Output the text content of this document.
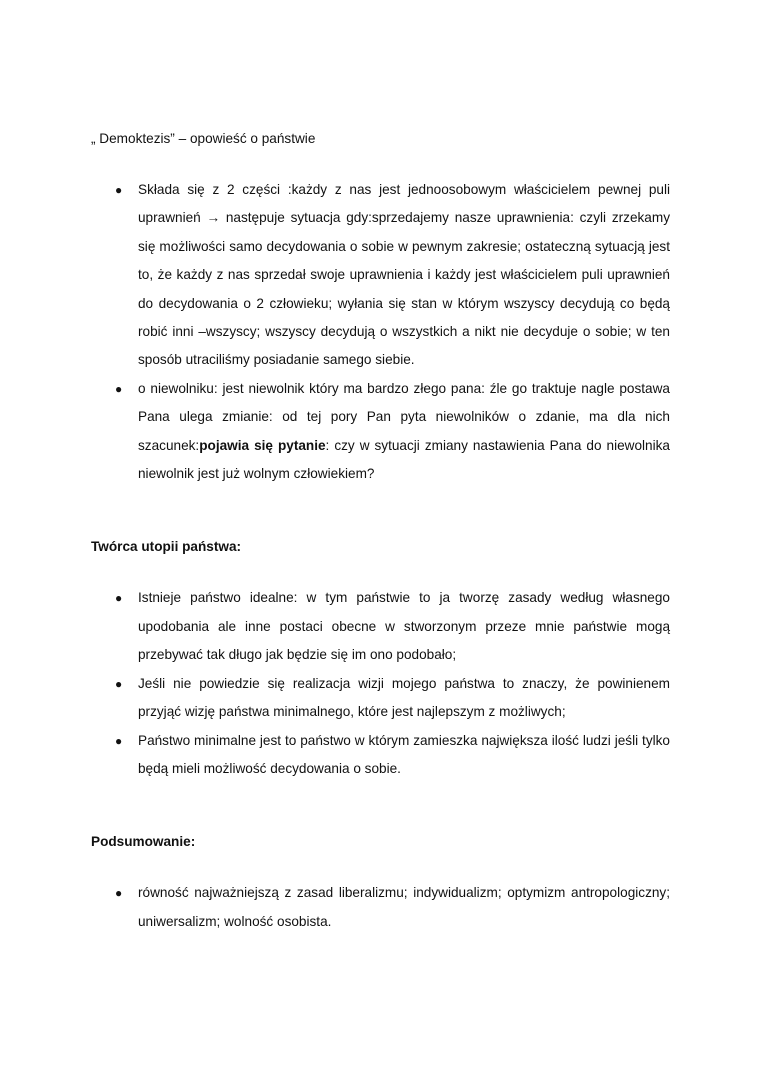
„ Demoktezis” – opowieść o państwie

● Składa się z 2 części :każdy z nas jest jednoosobowym właścicielem pewnej puli uprawnień → następuje sytuacja gdy:sprzedajemy nasze uprawnienia: czyli zrzekamy się możliwości samo decydowania o sobie w pewnym zakresie; ostateczną sytuacją jest to, że każdy z nas sprzedał swoje uprawnienia i każdy jest właścicielem puli uprawnień do decydowania o 2 człowieku; wyłania się stan w którym wszyscy decydują co będą robić inni –wszyscy; wszyscy decydują o wszystkich a nikt nie decyduje o sobie; w ten sposób utraciliśmy posiadanie samego siebie.
● o niewolniku: jest niewolnik który ma bardzo złego pana: źle go traktuje nagle postawa Pana ulega zmianie: od tej pory Pan pyta niewolników o zdanie, ma dla nich szacunek:pojawia się pytanie: czy w sytuacji zmiany nastawienia Pana do niewolnika niewolnik jest już wolnym człowiekiem?

Twórca utopii państwa:

● Istnieje państwo idealne: w tym państwie to ja tworzę zasady według własnego upodobania ale inne postaci obecne w stworzonym przeze mnie państwie mogą przebywać tak długo jak będzie się im ono podobało;
● Jeśli nie powiedzie się realizacja wizji mojego państwa to znaczy, że powinienem przyjąć wizję państwa minimalnego, które jest najlepszym z możliwych;
● Państwo minimalne jest to państwo w którym zamieszka największa ilość ludzi jeśli tylko będą mieli możliwość decydowania o sobie.

Podsumowanie:

● równość najważniejszą z zasad liberalizmu; indywidualizm; optymizm antropologiczny; uniwersalizm; wolność osobista.
